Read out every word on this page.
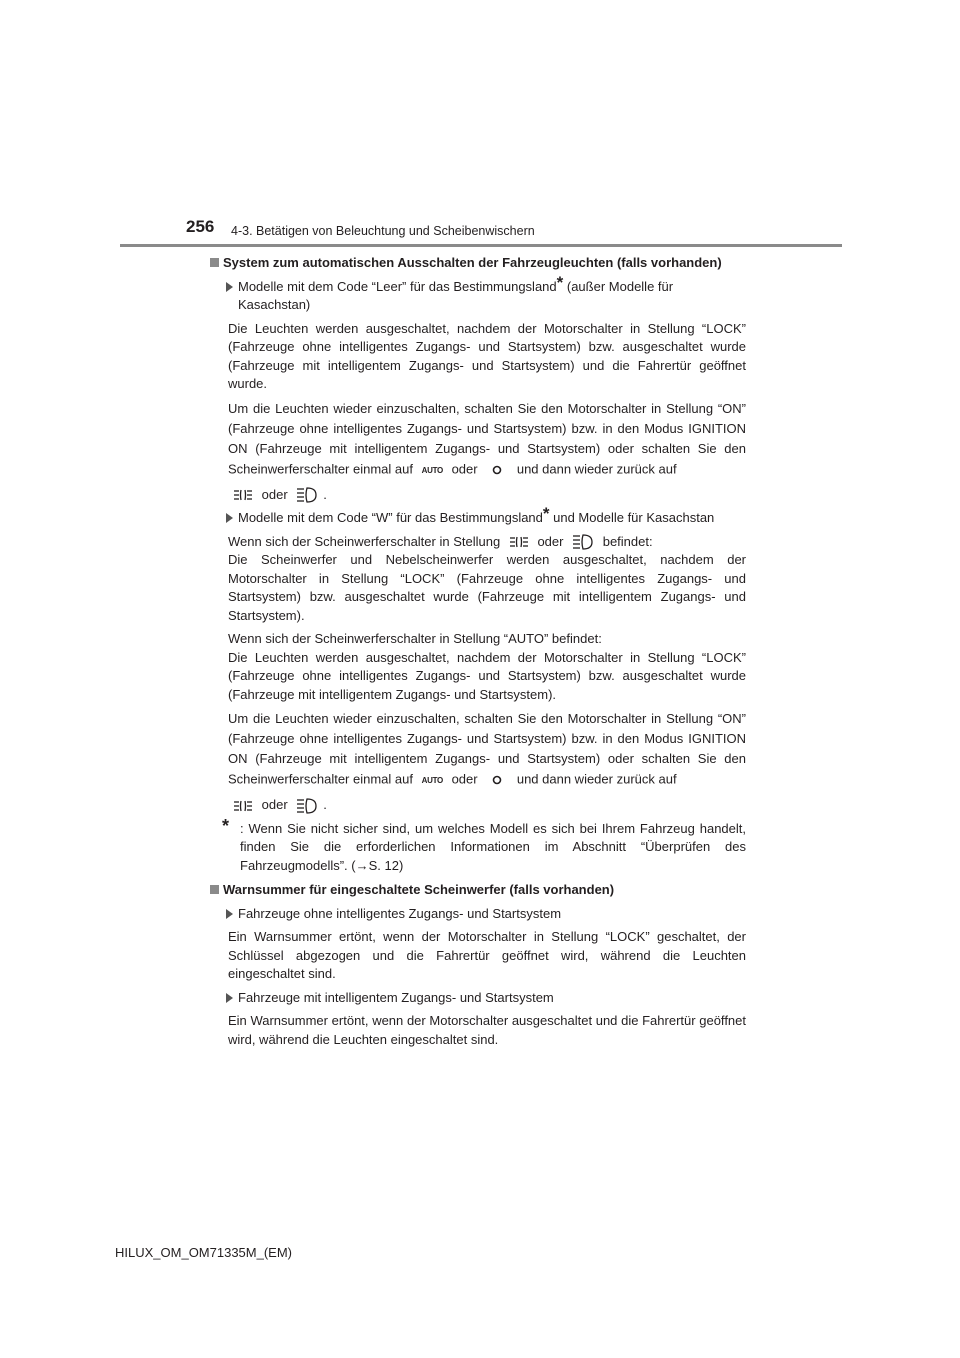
256 4-3. Betätigen von Beleuchtung und Scheibenwischern
System zum automatischen Ausschalten der Fahrzeugleuchten (falls vorhanden)
Modelle mit dem Code “Leer” für das Bestimmungsland* (außer Modelle für Kasachstan)
Die Leuchten werden ausgeschaltet, nachdem der Motorschalter in Stellung “LOCK” (Fahrzeuge ohne intelligentes Zugangs- und Startsystem) bzw. ausgeschaltet wurde (Fahrzeuge mit intelligentem Zugangs- und Startsystem) und die Fahrertür geöffnet wurde.
Um die Leuchten wieder einzuschalten, schalten Sie den Motorschalter in Stellung “ON” (Fahrzeuge ohne intelligentes Zugangs- und Startsystem) bzw. in den Modus IGNITION ON (Fahrzeuge mit intelligentem Zugangs- und Startsystem) oder schalten Sie den Scheinwerferschalter einmal auf AUTO oder	und dann wieder zurück auf
oder	.
Modelle mit dem Code “W” für das Bestimmungsland* und Modelle für Kasachstan
Wenn sich der Scheinwerferschalter in Stellung	oder	befindet:
Die Scheinwerfer und Nebelscheinwerfer werden ausgeschaltet, nachdem der Motorschalter in Stellung “LOCK” (Fahrzeuge ohne intelligentes Zugangs- und Startsystem) bzw. ausgeschaltet wurde (Fahrzeuge mit intelligentem Zugangs- und Startsystem).
Wenn sich der Scheinwerferschalter in Stellung “AUTO” befindet:
Die Leuchten werden ausgeschaltet, nachdem der Motorschalter in Stellung “LOCK” (Fahrzeuge ohne intelligentes Zugangs- und Startsystem) bzw. ausgeschaltet wurde (Fahrzeuge mit intelligentem Zugangs- und Startsystem).
Um die Leuchten wieder einzuschalten, schalten Sie den Motorschalter in Stellung “ON” (Fahrzeuge ohne intelligentes Zugangs- und Startsystem) bzw. in den Modus IGNITION ON (Fahrzeuge mit intelligentem Zugangs- und Startsystem) oder schalten Sie den Scheinwerferschalter einmal auf AUTO oder	und dann wieder zurück auf
oder	.
* : Wenn Sie nicht sicher sind, um welches Modell es sich bei Ihrem Fahrzeug handelt, finden Sie die erforderlichen Informationen im Abschnitt “Überprüfen des Fahrzeugmodells”. (→S. 12)
Warnsummer für eingeschaltete Scheinwerfer (falls vorhanden)
Fahrzeuge ohne intelligentes Zugangs- und Startsystem
Ein Warnsummer ertönt, wenn der Motorschalter in Stellung “LOCK” geschaltet, der Schlüssel abgezogen und die Fahrertür geöffnet wird, während die Leuchten eingeschaltet sind.
Fahrzeuge mit intelligentem Zugangs- und Startsystem
Ein Warnsummer ertönt, wenn der Motorschalter ausgeschaltet und die Fahrertür geöffnet wird, während die Leuchten eingeschaltet sind.
HILUX_OM_OM71335M_(EM)
